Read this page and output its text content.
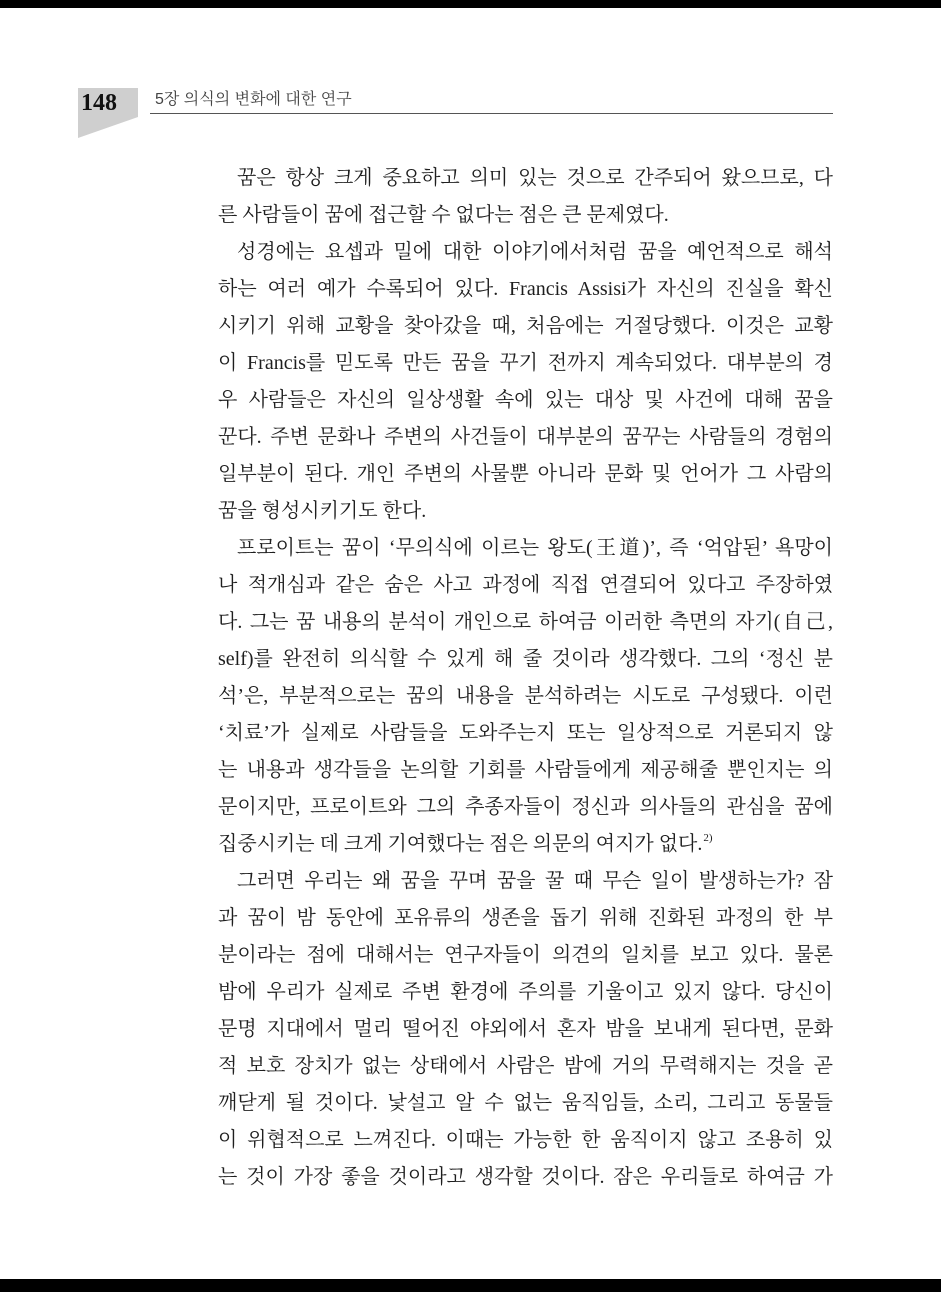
148 5장 의식의 변화에 대한 연구
꿈은 항상 크게 중요하고 의미 있는 것으로 간주되어 왔으므로, 다
른 사람들이 꿈에 접근할 수 없다는 점은 큰 문제였다.
성경에는 요셉과 밀에 대한 이야기에서처럼 꿈을 예언적으로 해석
하는 여러 예가 수록되어 있다. Francis Assisi가 자신의 진실을 확신
시키기 위해 교황을 찾아갔을 때, 처음에는 거절당했다. 이것은 교황
이 Francis를 믿도록 만든 꿈을 꾸기 전까지 계속되었다. 대부분의 경
우 사람들은 자신의 일상생활 속에 있는 대상 및 사건에 대해 꿈을
꾼다. 주변 문화나 주변의 사건들이 대부분의 꿈꾸는 사람들의 경험의
일부분이 된다. 개인 주변의 사물뿐 아니라 문화 및 언어가 그 사람의
꿈을 형성시키기도 한다.
프로이트는 꿈이 ‘무의식에 이르는 왕도(王道)’, 즉 ‘억압된’ 욕망이
나 적개심과 같은 숨은 사고 과정에 직접 연결되어 있다고 주장하였
다. 그는 꿈 내용의 분석이 개인으로 하여금 이러한 측면의 자기(自己,
self)를 완전히 의식할 수 있게 해 줄 것이라 생각했다. 그의 ‘정신 분
석’은, 부분적으로는 꿈의 내용을 분석하려는 시도로 구성됐다. 이런
‘치료’가 실제로 사람들을 도와주는지 또는 일상적으로 거론되지 않
는 내용과 생각들을 논의할 기회를 사람들에게 제공해줄 뿐인지는 의
문이지만, 프로이트와 그의 추종자들이 정신과 의사들의 관심을 꿈에
집중시키는 데 크게 기여했다는 점은 의문의 여지가 없다.$^{2)}$
그러면 우리는 왜 꿈을 꾸며 꿈을 꿀 때 무슨 일이 발생하는가? 잠
과 꿈이 밤 동안에 포유류의 생존을 돕기 위해 진화된 과정의 한 부
분이라는 점에 대해서는 연구자들이 의견의 일치를 보고 있다. 물론
밤에 우리가 실제로 주변 환경에 주의를 기울이고 있지 않다. 당신이
문명 지대에서 멀리 떨어진 야외에서 혼자 밤을 보내게 된다면, 문화
적 보호 장치가 없는 상태에서 사람은 밤에 거의 무력해지는 것을 곧
깨닫게 될 것이다. 낯설고 알 수 없는 움직임들, 소리, 그리고 동물들
이 위협적으로 느껴진다. 이때는 가능한 한 움직이지 않고 조용히 있
는 것이 가장 좋을 것이라고 생각할 것이다. 잠은 우리들로 하여금 가
